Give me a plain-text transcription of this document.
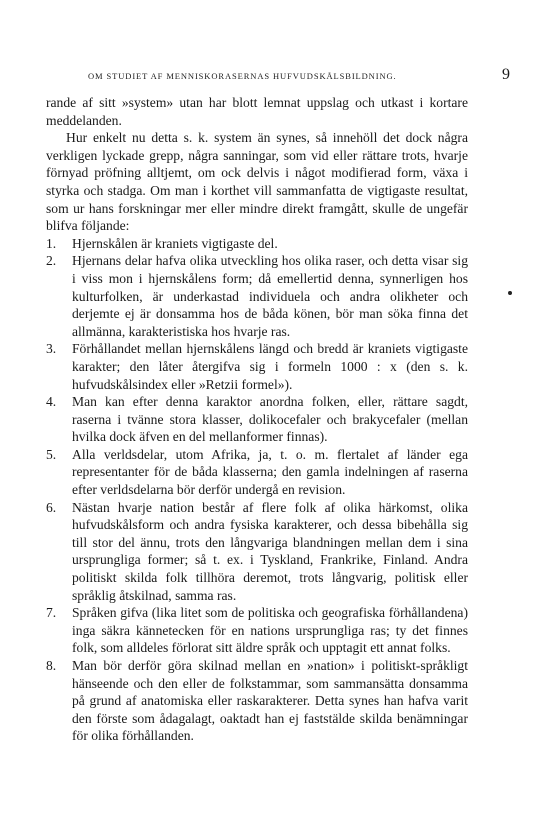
OM STUDIET AF MENNISKORASERNAS HUFVUDSKÅLSBILDNING.	9

rande af sitt »system» utan har blott lemnat uppslag och utkast i kortare meddelanden.

Hur enkelt nu detta s. k. system än synes, så innehöll det dock några verkligen lyckade grepp, några sanningar, som vid eller rättare trots, hvarje förnyad pröfning alltjemt, om ock delvis i något modifierad form, växa i styrka och stadga. Om man i korthet vill sammanfatta de vigtigaste resultat, som ur hans forskningar mer eller mindre direkt framgått, skulle de ungefär blifva följande:

1. Hjernskålen är kraniets vigtigaste del.
2. Hjernans delar hafva olika utveckling hos olika raser, och detta visar sig i viss mon i hjernskålens form; då emellertid denna, synnerligen hos kulturfolken, är underkastad individuela och andra olikheter och derjemte ej är donsamma hos de båda könen, bör man söka finna det allmänna, karakteristiska hos hvarje ras.
3. Förhållandet mellan hjernskålens längd och bredd är kraniets vigtigaste karakter; den låter återgifva sig i formeln 1000 : x (den s. k. hufvudskålsindex eller »Retzii formel»).
4. Man kan efter denna karaktor anordna folken, eller, rättare sagdt, raserna i tvänne stora klasser, dolikocefaler och brakycefaler (mellan hvilka dock äfven en del mellanformer finnas).
5. Alla verldsdelar, utom Afrika, ja, t. o. m. flertalet af länder ega representanter för de båda klasserna; den gamla indelningen af raserna efter verldsdelarna bör derför undergå en revision.
6. Nästan hvarje nation består af flere folk af olika härkomst, olika hufvudskålsform och andra fysiska karakterer, och dessa bibehålla sig till stor del ännu, trots den långvariga blandningen mellan dem i sina ursprungliga former; så t. ex. i Tyskland, Frankrike, Finland. Andra politiskt skilda folk tillhöra deremot, trots långvarig, politisk eller språklig åtskilnad, samma ras.
7. Språken gifva (lika litet som de politiska och geografiska förhållandena) inga säkra kännetecken för en nations ursprungliga ras; ty det finnes folk, som alldeles förlorat sitt äldre språk och upptagit ett annat folks.
8. Man bör derför göra skilnad mellan en »nation» i politiskt-språkligt hänseende och den eller de folkstammar, som sammansätta donsamma på grund af anatomiska eller raskarakterer. Detta synes han hafva varit den förste som ådagalagt, oaktadt han ej faststälde skilda benämningar för olika förhållanden.
